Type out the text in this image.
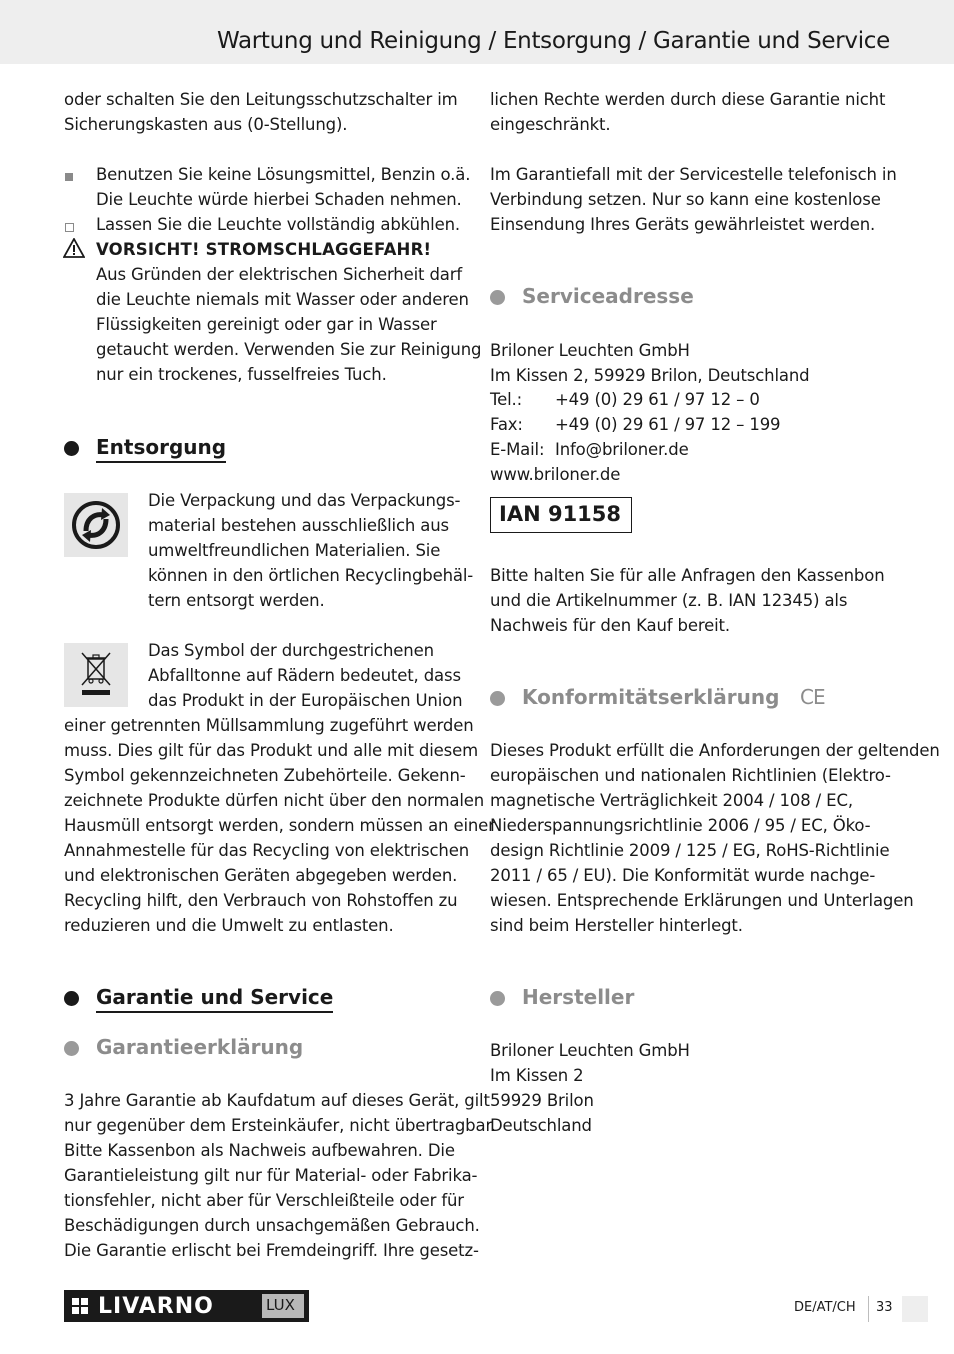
Wartung und Reinigung / Entsorgung / Garantie und Service
oder schalten Sie den Leitungsschutzschalter im
Sicherungskasten aus (0-Stellung).
Benutzen Sie keine Lösungsmittel, Benzin o.ä.
Die Leuchte würde hierbei Schaden nehmen.
Lassen Sie die Leuchte vollständig abkühlen.
VORSICHT! STROMSCHLAGGEFAHR!
Aus Gründen der elektrischen Sicherheit darf
die Leuchte niemals mit Wasser oder anderen
Flüssigkeiten gereinigt oder gar in Wasser
getaucht werden. Verwenden Sie zur Reinigung
nur ein trockenes, fusselfreies Tuch.
Entsorgung
Die Verpackung und das Verpackungs-
material bestehen ausschließlich aus
umweltfreundlichen Materialien. Sie
können in den örtlichen Recyclingbehäl-
tern entsorgt werden.
Das Symbol der durchgestrichenen
Abfalltonne auf Rädern bedeutet, dass
das Produkt in der Europäischen Union
einer getrennten Müllsammlung zugeführt werden
muss. Dies gilt für das Produkt und alle mit diesem
Symbol gekennzeichneten Zubehörteile. Gekenn-
zeichnete Produkte dürfen nicht über den normalen
Hausmüll entsorgt werden, sondern müssen an einer
Annahmestelle für das Recycling von elektrischen
und elektronischen Geräten abgegeben werden.
Recycling hilft, den Verbrauch von Rohstoffen zu
reduzieren und die Umwelt zu entlasten.
Garantie und Service
Garantieerklärung
3 Jahre Garantie ab Kaufdatum auf dieses Gerät, gilt
nur gegenüber dem Ersteinkäufer, nicht übertragbar.
Bitte Kassenbon als Nachweis aufbewahren. Die
Garantieleistung gilt nur für Material- oder Fabrika-
tionsfehler, nicht aber für Verschleißteile oder für
Beschädigungen durch unsachgemäßen Gebrauch.
Die Garantie erlischt bei Fremdeingriff. Ihre gesetz-
lichen Rechte werden durch diese Garantie nicht
eingeschränkt.
Im Garantiefall mit der Servicestelle telefonisch in
Verbindung setzen. Nur so kann eine kostenlose
Einsendung Ihres Geräts gewährleistet werden.
Serviceadresse
Briloner Leuchten GmbH
Im Kissen 2, 59929 Brilon, Deutschland
Tel.: +49 (0) 29 61 / 97 12 – 0
Fax: +49 (0) 29 61 / 97 12 – 199
E-Mail: Info@briloner.de
www.briloner.de
IAN 91158
Bitte halten Sie für alle Anfragen den Kassenbon
und die Artikelnummer (z. B. IAN 12345) als
Nachweis für den Kauf bereit.
Konformitätserklärung CE
Dieses Produkt erfüllt die Anforderungen der geltenden
europäischen und nationalen Richtlinien (Elektro-
magnetische Verträglichkeit 2004 / 108 / EC,
Niederspannungsrichtlinie 2006 / 95 / EC, Öko-
design Richtlinie 2009 / 125 / EG, RoHS-Richtlinie
2011 / 65 / EU). Die Konformität wurde nachge-
wiesen. Entsprechende Erklärungen und Unterlagen
sind beim Hersteller hinterlegt.
Hersteller
Briloner Leuchten GmbH
Im Kissen 2
59929 Brilon
Deutschland
LIVARNO	LUX	DE/AT/CH 33
